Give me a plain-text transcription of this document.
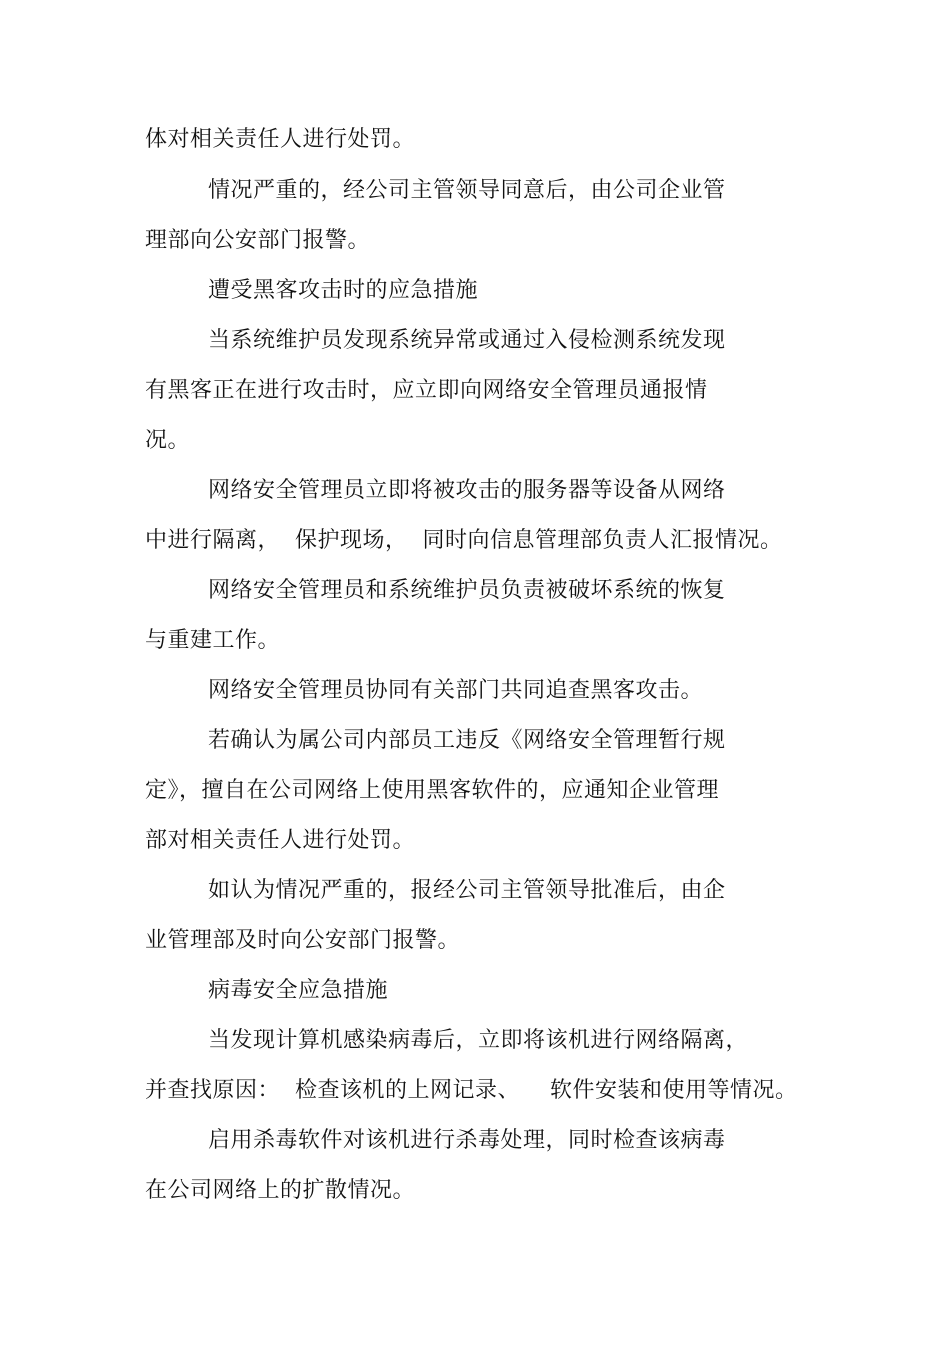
体对相关责任人进行处罚。
情况严重的，经公司主管领导同意后，由公司企业管
理部向公安部门报警。
遭受黑客攻击时的应急措施
当系统维护员发现系统异常或通过入侵检测系统发现
有黑客正在进行攻击时，应立即向网络安全管理员通报情
况。
网络安全管理员立即将被攻击的服务器等设备从网络
中进行隔离，  保护现场，  同时向信息管理部负责人汇报情况。
网络安全管理员和系统维护员负责被破坏系统的恢复
与重建工作。
网络安全管理员协同有关部门共同追查黑客攻击。
若确认为属公司内部员工违反《网络安全管理暂行规
定》，擅自在公司网络上使用黑客软件的，应通知企业管理
部对相关责任人进行处罚。
如认为情况严重的，报经公司主管领导批准后，由企
业管理部及时向公安部门报警。
病毒安全应急措施
当发现计算机感染病毒后，立即将该机进行网络隔离，
并查找原因：  检查该机的上网记录、    软件安装和使用等情况。
启用杀毒软件对该机进行杀毒处理，同时检查该病毒
在公司网络上的扩散情况。
